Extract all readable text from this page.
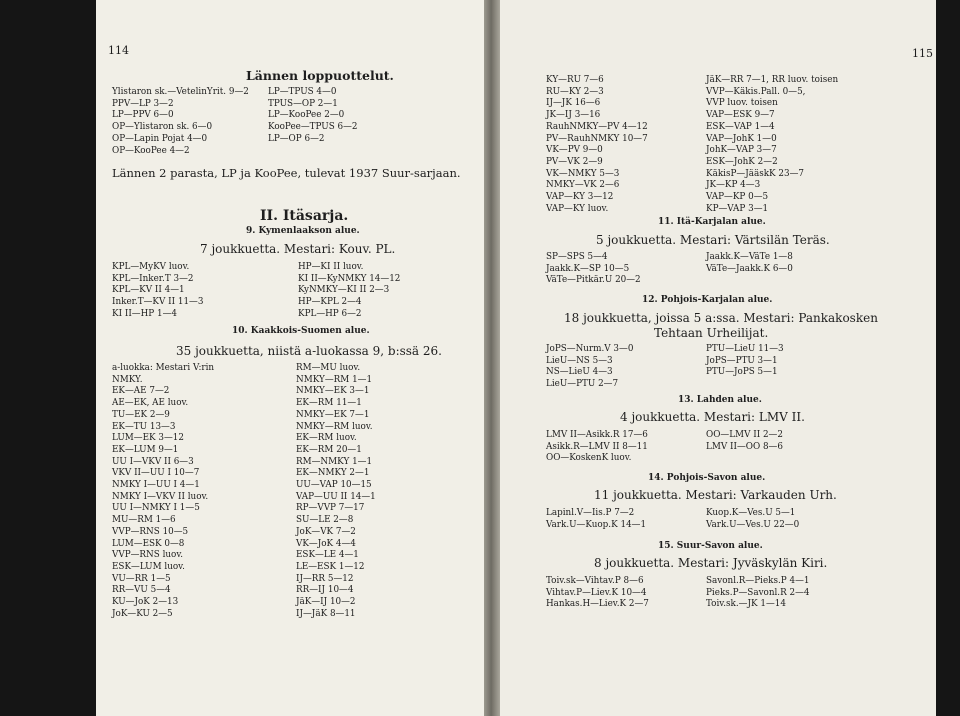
114
Lännen loppuottelut.
Ylistaron sk.—VetelinYrit. 9—2
PPV—LP 3—2
LP—PPV 6—0
OP—Ylistaron sk. 6—0
OP—Lapin Pojat 4—0
OP—KooPee 4—2
LP—TPUS 4—0
TPUS—OP 2—1
LP—KooPee 2—0
KooPee—TPUS 6—2
LP—OP 6—2
Lännen 2 parasta, LP ja KooPee, tulevat 1937 Suur-sarjaan.
II. Itäsarja.
9. Kymenlaakson alue.
7 joukkuetta. Mestari: Kouv. PL.
KPL—MyKV luov.
KPL—Inker.T 3—2
KPL—KV II 4—1
Inker.T—KV II 11—3
KI II—HP 1—4
HP—KI II luov.
KI II—KyNMKY 14—12
KyNMKY—KI II 2—3
HP—KPL 2—4
KPL—HP 6—2
10. Kaakkois-Suomen alue.
35 joukkuetta, niistä a-luokassa 9, b:ssä 26.
a-luokka: Mestari V:rin
NMKY.
EK—AE 7—2
AE—EK, AE luov.
TU—EK 2—9
EK—TU 13—3
LUM—EK 3—12
EK—LUM 9—1
UU I—VKV II 6—3
VKV II—UU I 10—7
NMKY I—UU I 4—1
NMKY I—VKV II luov.
UU I—NMKY I 1—5
MU—RM 1—6
VVP—RNS 10—5
LUM—ESK 0—8
VVP—RNS luov.
ESK—LUM luov.
VU—RR 1—5
RR—VU 5—4
KU—JoK 2—13
JoK—KU 2—5
RM—MU luov.
NMKY—RM 1—1
NMKY—EK 3—1
EK—RM 11—1
NMKY—EK 7—1
NMKY—RM luov.
EK—RM luov.
EK—RM 20—1
RM—NMKY 1—1
EK—NMKY 2—1
UU—VAP 10—15
VAP—UU II 14—1
RP—VVP 7—17
SU—LE 2—8
JoK—VK 7—2
VK—JoK 4—4
ESK—LE 4—1
LE—ESK 1—12
IJ—RR 5—12
RR—IJ 10—4
JäK—IJ 10—2
IJ—JäK 8—11
115
KY—RU 7—6
RU—KY 2—3
IJ—JK 16—6
JK—IJ 3—16
RauhNMKY—PV 4—12
PV—RauhNMKY 10—7
VK—PV 9—0
PV—VK 2—9
VK—NMKY 5—3
NMKY—VK 2—6
VAP—KY 3—12
VAP—KY luov.
JäK—RR 7—1, RR luov. toisen
VVP—Käkis.Pall. 0—5,
VVP luov. toisen
VAP—ESK 9—7
ESK—VAP 1—4
VAP—JohK 1—0
JohK—VAP 3—7
ESK—JohK 2—2
KäkisP—JääskK 23—7
JK—KP 4—3
VAP—KP 0—5
KP—VAP 3—1
11. Itä-Karjalan alue.
5 joukkuetta. Mestari: Värtsilän Teräs.
SP—SPS 5—4
Jaakk.K—SP 10—5
VäTe—Pitkär.U 20—2
Jaakk.K—VäTe 1—8
VäTe—Jaakk.K 6—0
12. Pohjois-Karjalan alue.
18 joukkuetta, joissa 5 a:ssa. Mestari: Pankakosken
Tehtaan Urheilijat.
JoPS—Nurm.V 3—0
LieU—NS 5—3
NS—LieU 4—3
LieU—PTU 2—7
PTU—LieU 11—3
JoPS—PTU 3—1
PTU—JoPS 5—1
13. Lahden alue.
4 joukkuetta. Mestari: LMV II.
LMV II—Asikk.R 17—6
Asikk.R—LMV II 8—11
OO—KoskenK luov.
OO—LMV II 2—2
LMV II—OO 8—6
14. Pohjois-Savon alue.
11 joukkuetta. Mestari: Varkauden Urh.
Lapinl.V—Iis.P 7—2
Vark.U—Kuop.K 14—1
Kuop.K—Ves.U 5—1
Vark.U—Ves.U 22—0
15. Suur-Savon alue.
8 joukkuetta. Mestari: Jyväskylän Kiri.
Toiv.sk—Vihtav.P 8—6
Vihtav.P—Liev.K 10—4
Hankas.H—Liev.K 2—7
Savonl.R—Pieks.P 4—1
Pieks.P—Savonl.R 2—4
Toiv.sk.—JK 1—14
